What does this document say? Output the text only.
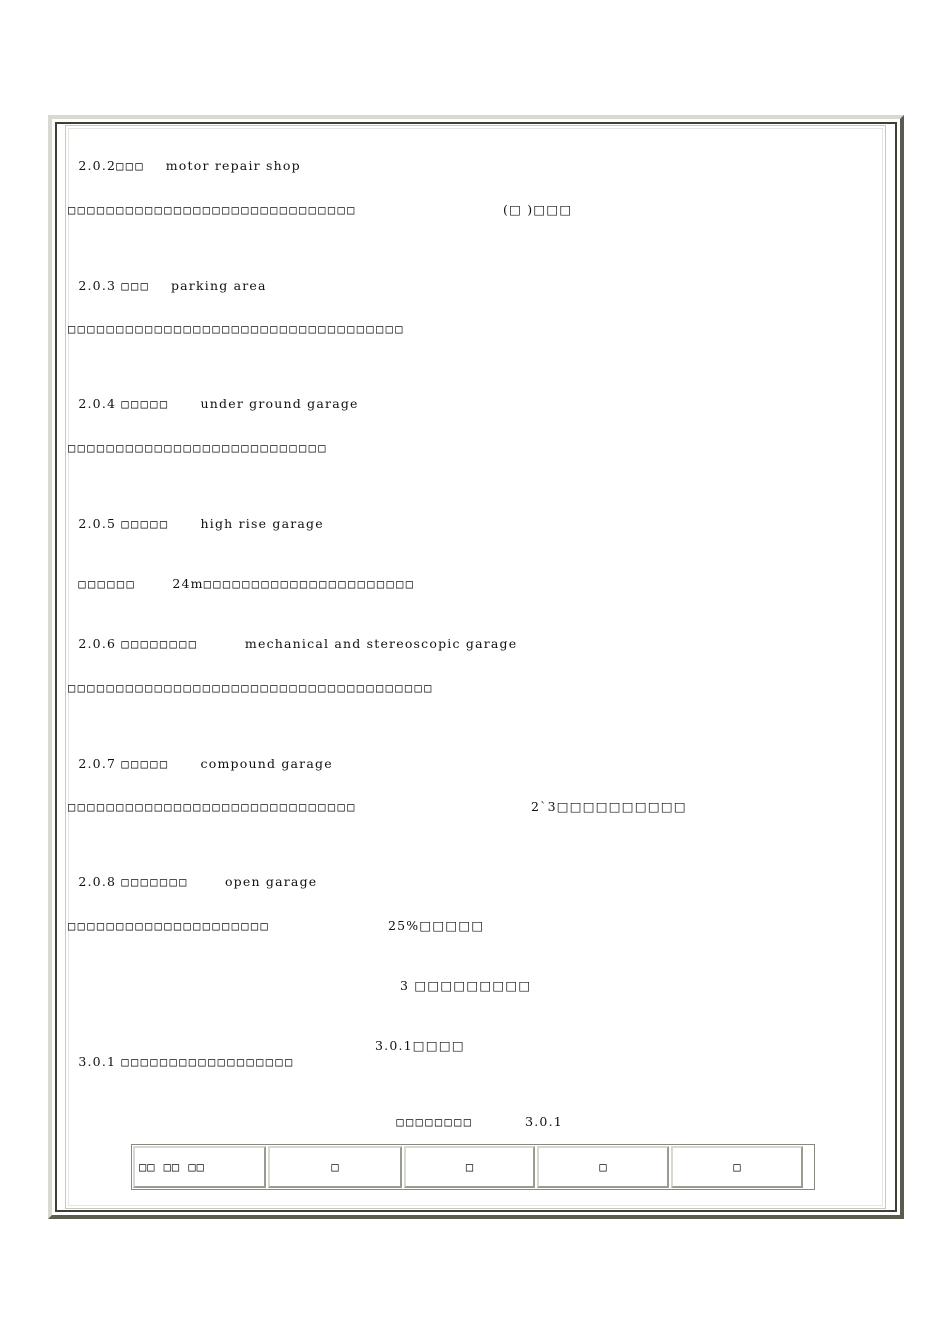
2.0.2□□□ motor repair shop

□□□□□□□□□□□□□□□□□□□□□□□□□□□□□□	(□ )□□□

2.0.3 □□□ parking area

□□□□□□□□□□□□□□□□□□□□□□□□□□□□□□□□□□□

2.0.4 □□□□□ under ground garage

□□□□□□□□□□□□□□□□□□□□□□□□□□□

2.0.5 □□□□□ high rise garage

□□□□□□	24m□□□□□□□□□□□□□□□□□□□□□□

2.0.6 □□□□□□□□	mechanical and stereoscopic garage

□□□□□□□□□□□□□□□□□□□□□□□□□□□□□□□□□□□□□□

2.0.7 □□□□□ compound garage

□□□□□□□□□□□□□□□□□□□□□□□□□□□□□□	2`3□□□□□□□□□□

2.0.8 □□□□□□□	open garage

□□□□□□□□□□□□□□□□□□□□□	25%□□□□□
3 □□□□□□□□□

3.0.1 □□□□□□□□□□□□□□□□□□

3.0.1□□□□

□□□□□□□□	3.0.1

□□ □□ □□	□	□	□	□
